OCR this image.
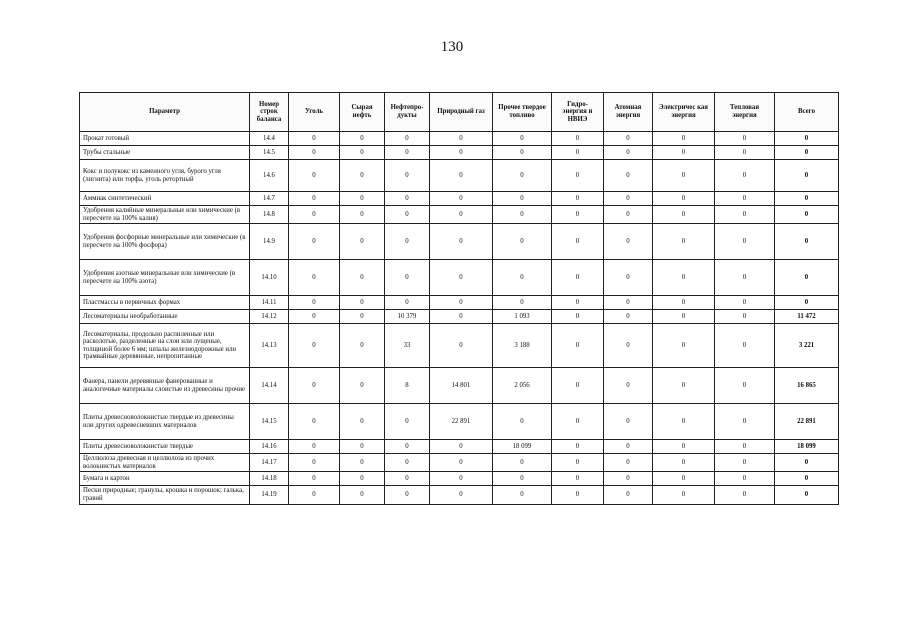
130
Параметр	Номер строк баланса	Уголь	Сырая нефть	Нефтепро-дукты	Природный газ	Прочее твердое топливо	Гидро-энергия и НВИЭ	Атомная энергия	Электричес кая энергия	Тепловая энергия	Всего
Прокат готовый	14.4	0	0	0	0	0	0	0	0	0	0
Трубы стальные	14.5	0	0	0	0	0	0	0	0	0	0
Кокс и полукокс из каменного угля, бурого угля (лигнита) или торфа, уголь ретортный	14.6	0	0	0	0	0	0	0	0	0	0
Аммиак синтетический	14.7	0	0	0	0	0	0	0	0	0	0
Удобрения калийные минеральные или химические (в пересчете на 100% калия)	14.8	0	0	0	0	0	0	0	0	0	0
Удобрения фосфорные минеральные или химические (в пересчете на 100% фосфора)	14.9	0	0	0	0	0	0	0	0	0	0
Удобрения азотные минеральные или химические (в пересчете на 100% азота)	14.10	0	0	0	0	0	0	0	0	0	0
Пластмассы в первичных формах	14.11	0	0	0	0	0	0	0	0	0	0
Лесоматериалы необработанные	14.12	0	0	10 379	0	1 093	0	0	0	0	11 472
Лесоматериалы, продольно распиленные или расколотые, разделенные на слои или лущеные, толщиной более 6 мм; шпалы железнодорожные или трамвайные деревянные, непропитанные	14.13	0	0	33	0	3 188	0	0	0	0	3 221
Фанера, панели деревянные фанерованные и аналогичные материалы слоистые из древесины прочие	14.14	0	0	8	14 801	2 056	0	0	0	0	16 865
Плиты древесноволокнистые твердые из древесины или других одревесневших материалов	14.15	0	0	0	22 891	0	0	0	0	0	22 891
Плиты древесноволокнистые твердые	14.16	0	0	0	0	18 099	0	0	0	0	18 099
Целлюлоза древесная и целлюлоза из прочих волокнистых материалов	14.17	0	0	0	0	0	0	0	0	0	0
Бумага и картон	14.18	0	0	0	0	0	0	0	0	0	0
Пески природные; гранулы, крошка и порошок; галька, гравий	14.19	0	0	0	0	0	0	0	0	0	0
